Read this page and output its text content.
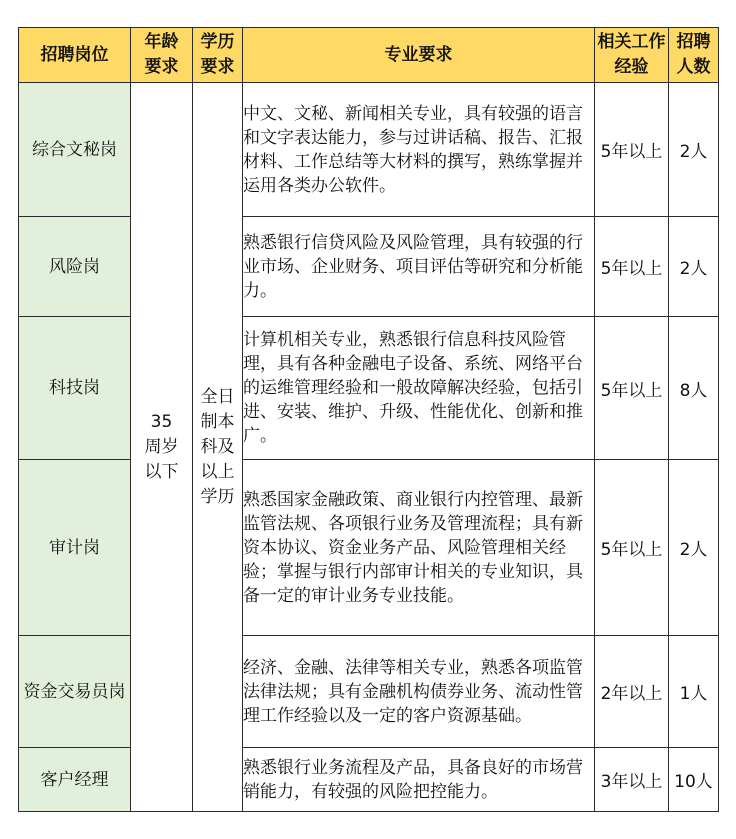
招聘岗位	年龄要求	学历要求	专业要求	相关工作经验	招聘人数
综合文秘岗	35周岁以下	全日制本科及以上学历	中文、文秘、新闻相关专业，具有较强的语言和文字表达能力，参与过讲话稿、报告、汇报材料、工作总结等大材料的撰写，熟练掌握并运用各类办公软件。	5年以上	2人
风险岗			熟悉银行信贷风险及风险管理，具有较强的行业市场、企业财务、项目评估等研究和分析能力。	5年以上	2人
科技岗			计算机相关专业，熟悉银行信息科技风险管理，具有各种金融电子设备、系统、网络平台的运维管理经验和一般故障解决经验，包括引进、安装、维护、升级、性能优化、创新和推广。	5年以上	8人
审计岗			熟悉国家金融政策、商业银行内控管理、最新监管法规、各项银行业务及管理流程；具有新资本协议、资金业务产品、风险管理相关经验；掌握与银行内部审计相关的专业知识，具备一定的审计业务专业技能。	5年以上	2人
资金交易员岗			经济、金融、法律等相关专业，熟悉各项监管法律法规；具有金融机构债券业务、流动性管理工作经验以及一定的客户资源基础。	2年以上	1人
客户经理			熟悉银行业务流程及产品，具备良好的市场营销能力，有较强的风险把控能力。	3年以上	10人
